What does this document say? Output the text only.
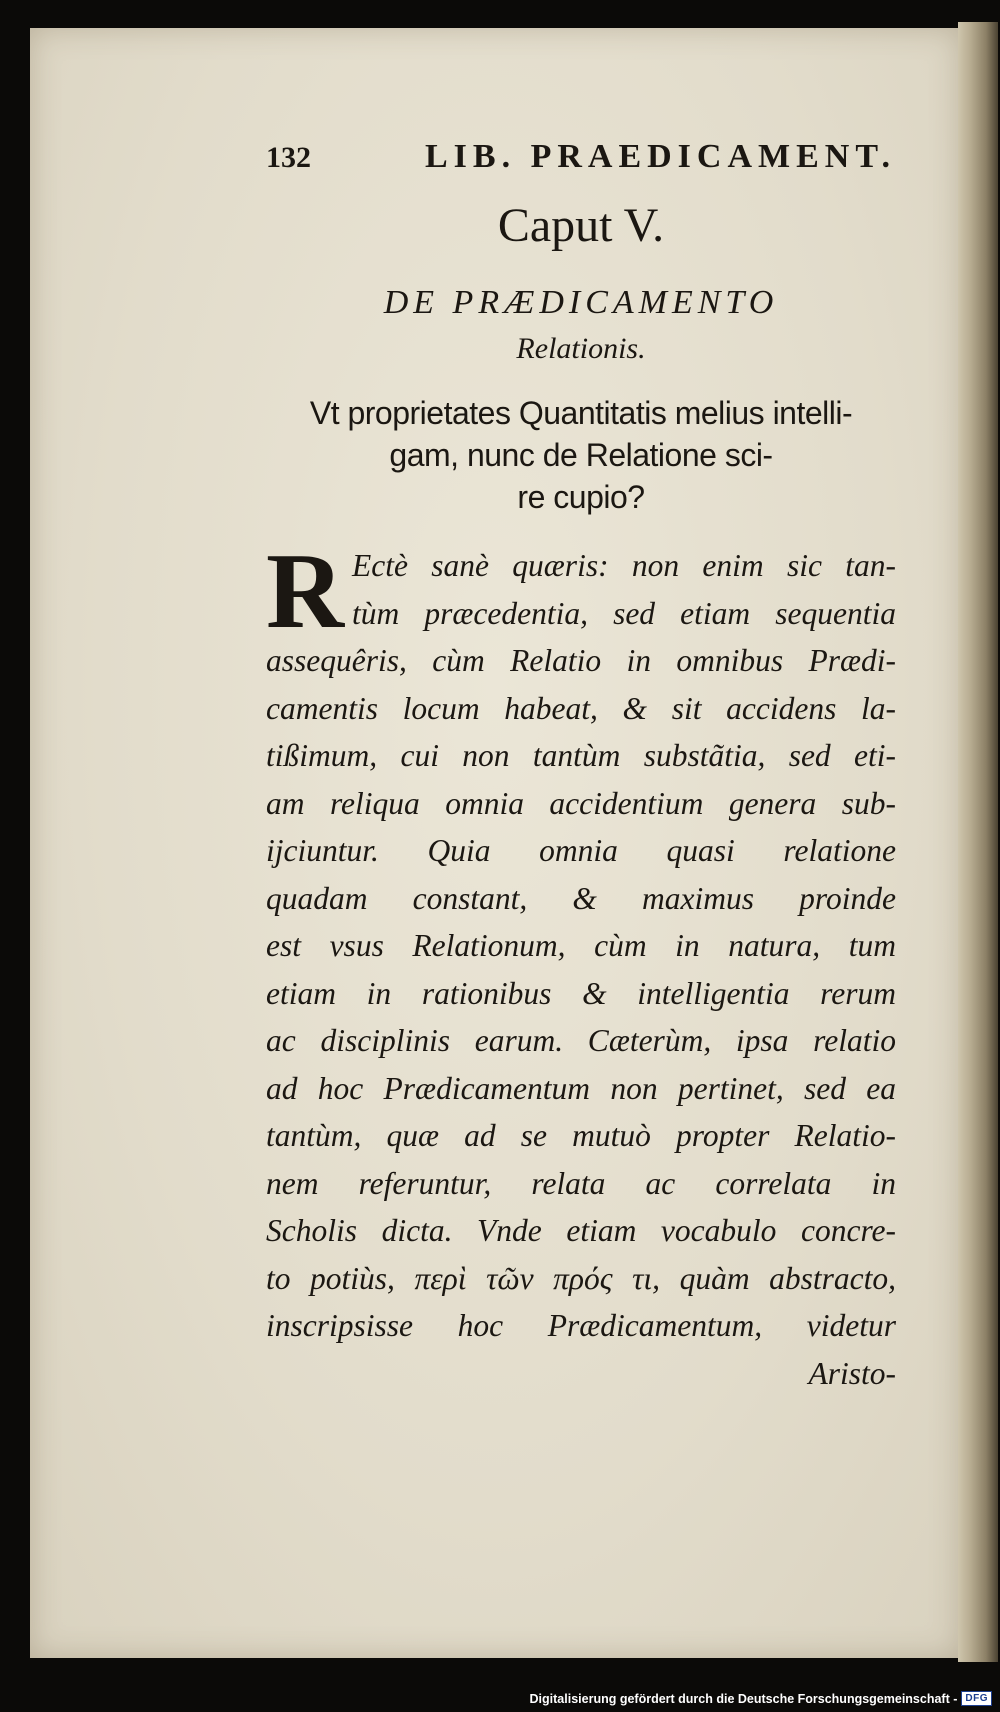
132	LIB. PRAEDICAMENT.
Caput V.
DE PRÆDICAMENTO
Relationis.
Vt proprietates Quantitatis melius intelli-
gam, nunc de Relatione sci-
re cupio?
R Ectè sanè quæris: non enim sic tan-
tùm præcedentia, sed etiam sequentia
assequêris, cùm Relatio in omnibus Prædi-
camentis locum habeat, & sit accidens la-
tißimum, cui non tantùm substãtia, sed eti-
am reliqua omnia accidentium genera sub-
ijciuntur. Quia omnia quasi relatione
quadam constant, & maximus proinde
est vsus Relationum, cùm in natura, tum
etiam in rationibus & intelligentia rerum
ac disciplinis earum. Cæterùm, ipsa relatio
ad hoc Prædicamentum non pertinet, sed ea
tantùm, quæ ad se mutuò propter Relatio-
nem referuntur, relata ac correlata in
Scholis dicta. Vnde etiam vocabulo concre-
to potiùs, περὶ τῶν πρός τι, quàm abstracto,
inscripsisse hoc Prædicamentum, videtur
Aristo-
Digitalisierung gefördert durch die Deutsche Forschungsgemeinschaft - DFG
